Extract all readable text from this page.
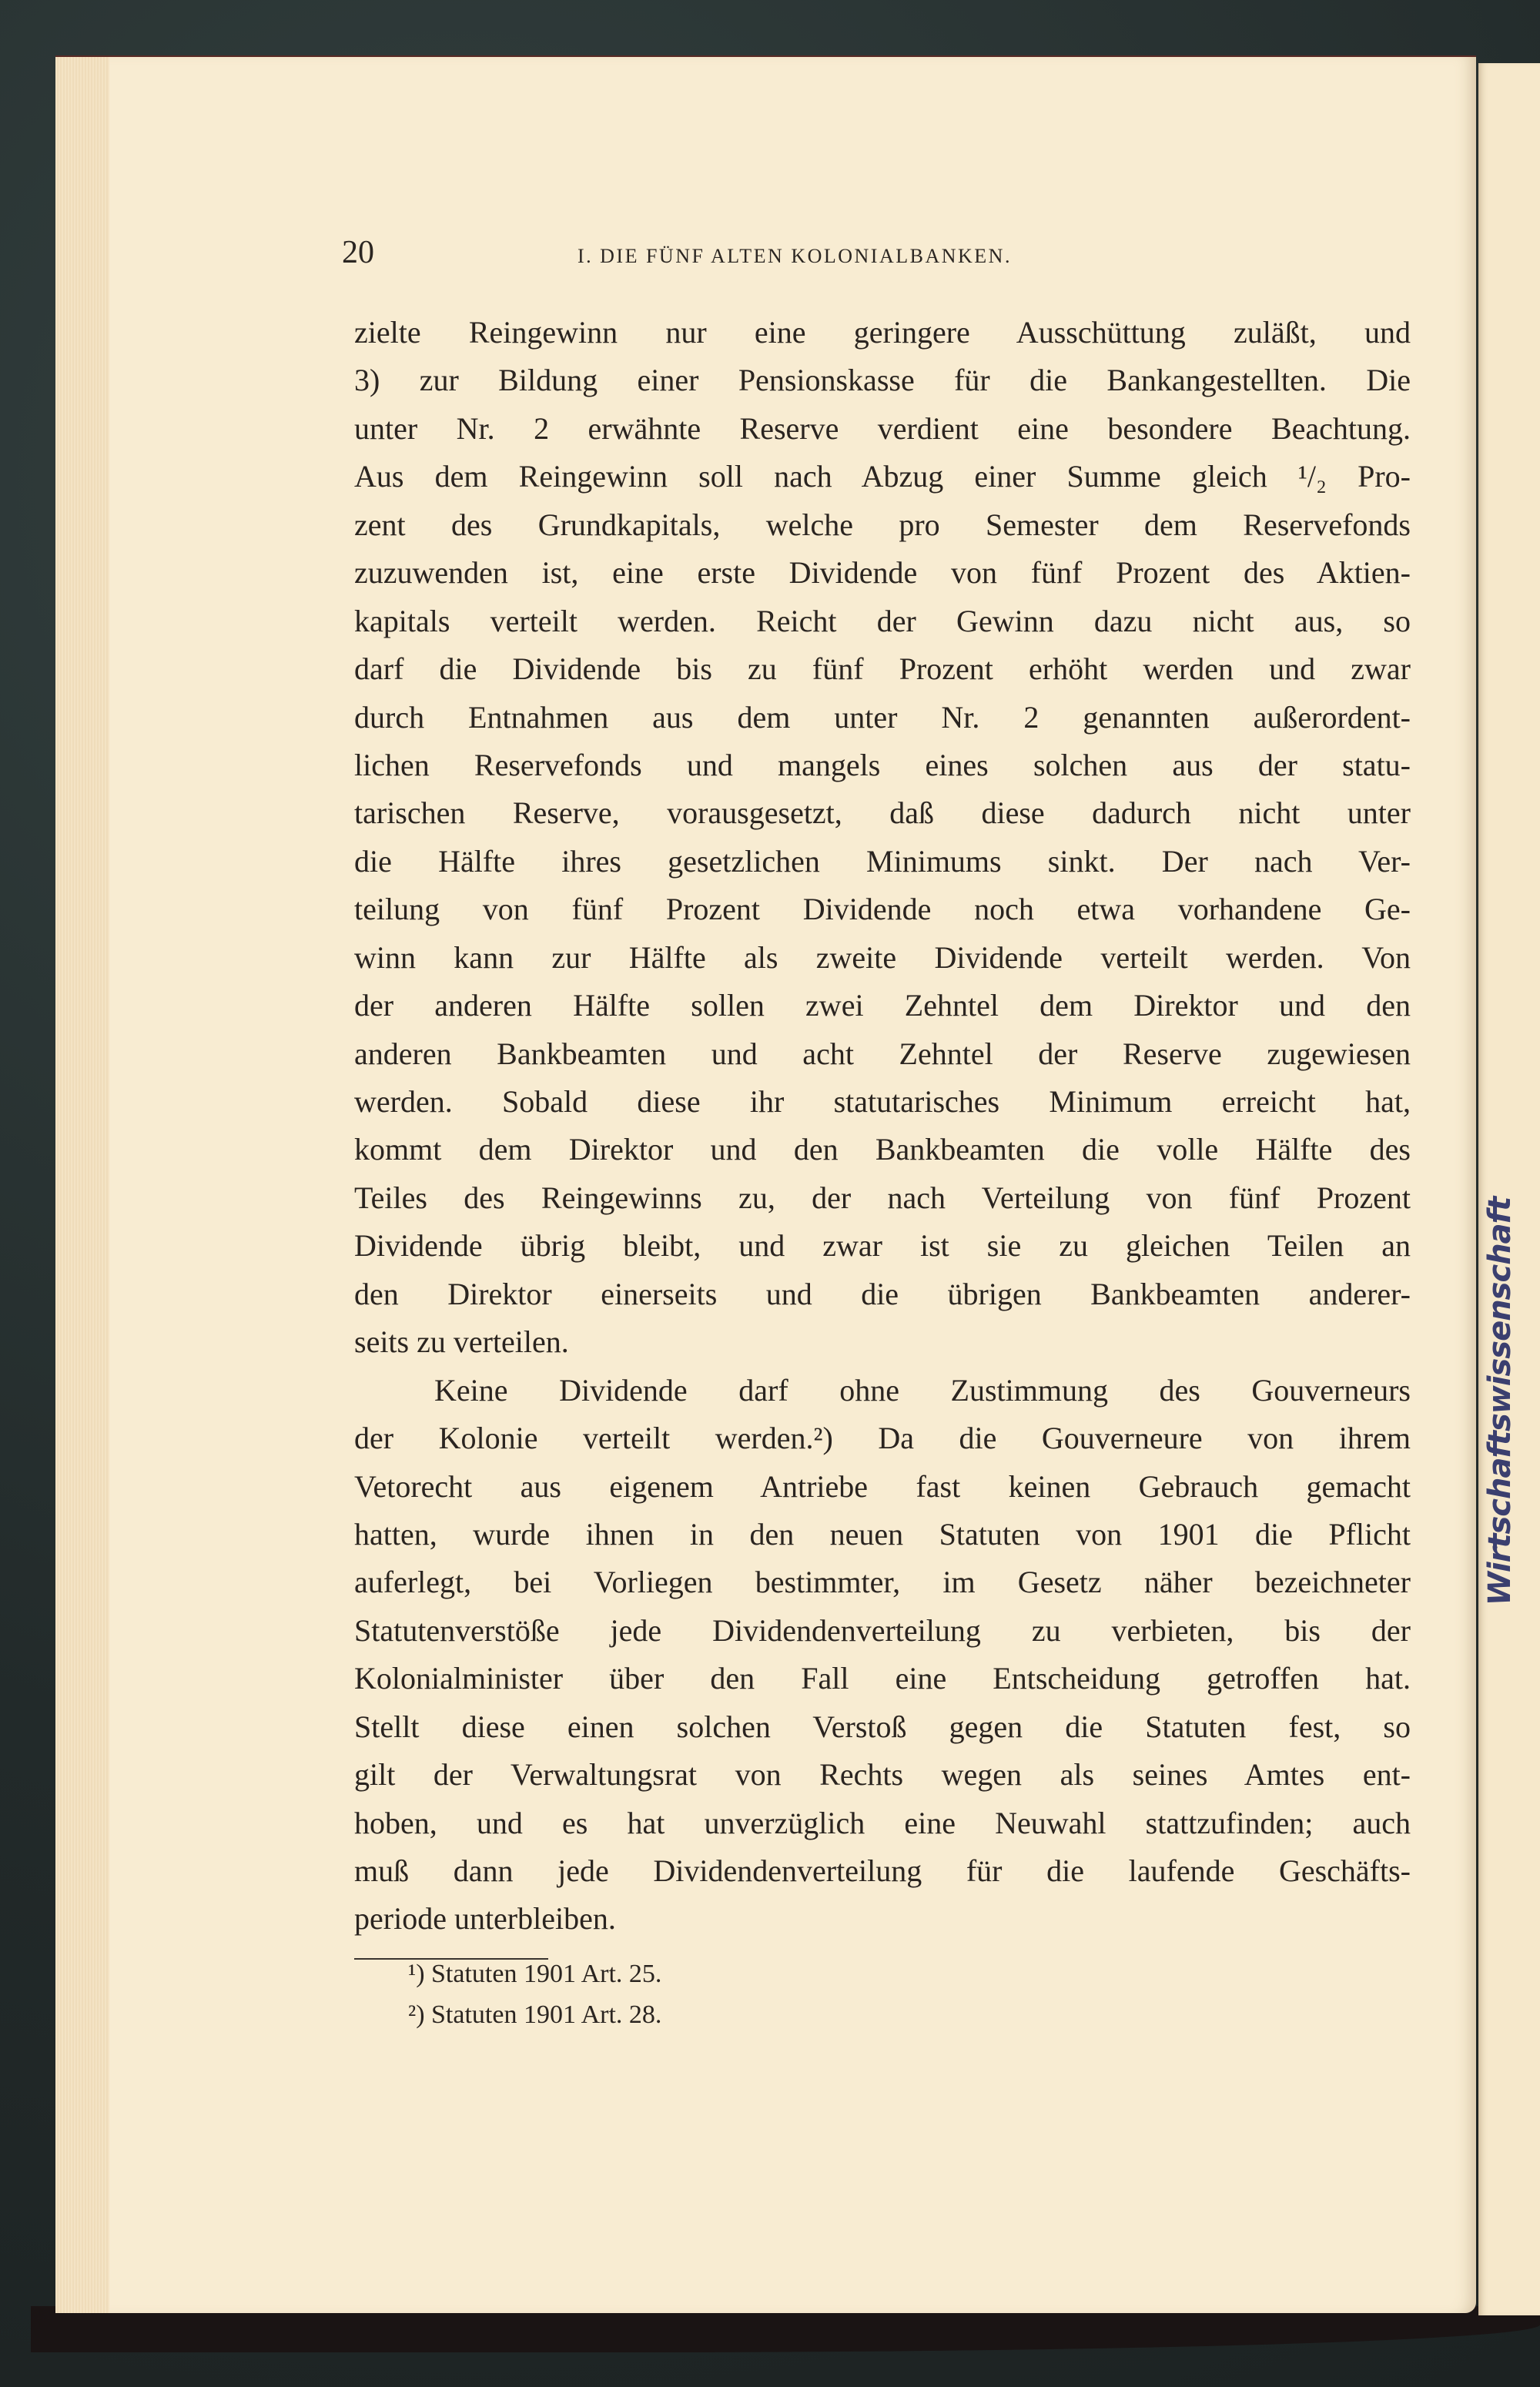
20	I. DIE FÜNF ALTEN KOLONIALBANKEN.
zielte Reingewinn nur eine geringere Ausschüttung zuläßt, und
3) zur Bildung einer Pensionskasse für die Bankangestellten. Die
unter Nr. 2 erwähnte Reserve verdient eine besondere Beachtung.
Aus dem Reingewinn soll nach Abzug einer Summe gleich ¹/₂ Pro-
zent des Grundkapitals, welche pro Semester dem Reservefonds
zuzuwenden ist, eine erste Dividende von fünf Prozent des Aktien-
kapitals verteilt werden. Reicht der Gewinn dazu nicht aus, so
darf die Dividende bis zu fünf Prozent erhöht werden und zwar
durch Entnahmen aus dem unter Nr. 2 genannten außerordent-
lichen Reservefonds und mangels eines solchen aus der statu-
tarischen Reserve, vorausgesetzt, daß diese dadurch nicht unter
die Hälfte ihres gesetzlichen Minimums sinkt. Der nach Ver-
teilung von fünf Prozent Dividende noch etwa vorhandene Ge-
winn kann zur Hälfte als zweite Dividende verteilt werden. Von
der anderen Hälfte sollen zwei Zehntel dem Direktor und den
anderen Bankbeamten und acht Zehntel der Reserve zugewiesen
werden. Sobald diese ihr statutarisches Minimum erreicht hat,
kommt dem Direktor und den Bankbeamten die volle Hälfte des
Teiles des Reingewinns zu, der nach Verteilung von fünf Prozent
Dividende übrig bleibt, und zwar ist sie zu gleichen Teilen an
den Direktor einerseits und die übrigen Bankbeamten anderer-
seits zu verteilen.
Keine Dividende darf ohne Zustimmung des Gouverneurs
der Kolonie verteilt werden.²) Da die Gouverneure von ihrem
Vetorecht aus eigenem Antriebe fast keinen Gebrauch gemacht
hatten, wurde ihnen in den neuen Statuten von 1901 die Pflicht
auferlegt, bei Vorliegen bestimmter, im Gesetz näher bezeichneter
Statutenverstöße jede Dividendenverteilung zu verbieten, bis der
Kolonialminister über den Fall eine Entscheidung getroffen hat.
Stellt diese einen solchen Verstoß gegen die Statuten fest, so
gilt der Verwaltungsrat von Rechts wegen als seines Amtes ent-
hoben, und es hat unverzüglich eine Neuwahl stattzufinden; auch
muß dann jede Dividendenverteilung für die laufende Geschäfts-
periode unterbleiben.
¹) Statuten 1901 Art. 25.
²) Statuten 1901 Art. 28.
Wirtschaftswissenschaft
